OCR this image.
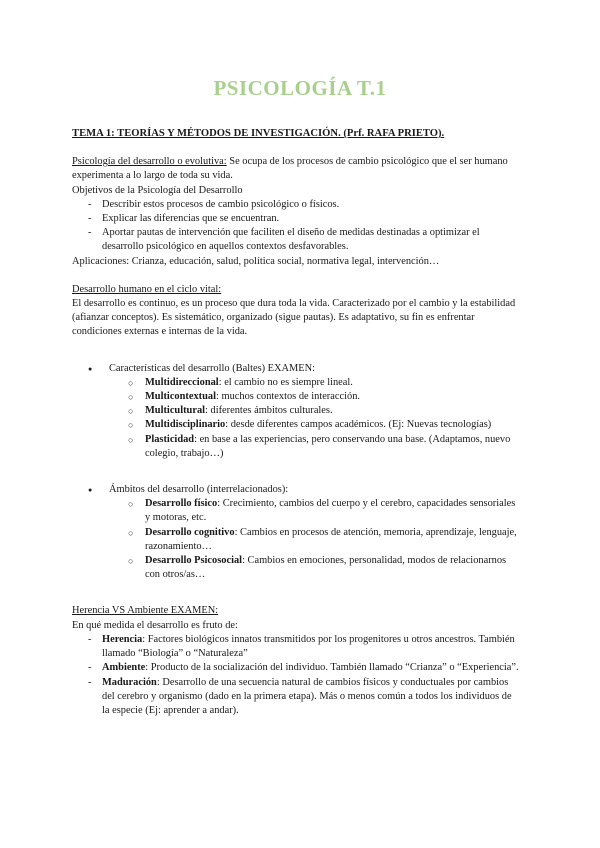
PSICOLOGÍA T.1
TEMA 1: TEORÍAS Y MÉTODOS DE INVESTIGACIÓN. (Prf. RAFA PRIETO).

Psicología del desarrollo o evolutiva: Se ocupa de los procesos de cambio psicológico que el ser humano experimenta a lo largo de toda su vida.

Objetivos de la Psicología del Desarrollo

- Describir estos procesos de cambio psicológico o físicos.
- Explicar las diferencias que se encuentran.
- Aportar pautas de intervención que faciliten el diseño de medidas destinadas a optimizar el desarrollo psicológico en aquellos contextos desfavorables.

Aplicaciones: Crianza, educación, salud, política social, normativa legal, intervención…

Desarrollo humano en el ciclo vital:

El desarrollo es continuo, es un proceso que dura toda la vida. Caracterizado por el cambio y la estabilidad (afianzar conceptos). Es sistemático, organizado (sigue pautas). Es adaptativo, su fin es enfrentar condiciones externas e internas de la vida.

● Características del desarrollo (Baltes) EXAMEN:
○ Multidireccional: el cambio no es siempre lineal.
○ Multicontextual: muchos contextos de interacción.
○ Multicultural: diferentes ámbitos culturales.
○ Multidisciplinario: desde diferentes campos académicos. (Ej: Nuevas tecnologías)
○ Plasticidad: en base a las experiencias, pero conservando una base. (Adaptamos, nuevo colegio, trabajo…)
● Ámbitos del desarrollo (interrelacionados):
○ Desarrollo físico: Crecimiento, cambios del cuerpo y el cerebro, capacidades sensoriales y motoras, etc.
○ Desarrollo cognitivo: Cambios en procesos de atención, memoria, aprendizaje, lenguaje, razonamiento…
○ Desarrollo Psicosocial: Cambios en emociones, personalidad, modos de relacionarnos con otros/as…

Herencia VS Ambiente EXAMEN:

En qué medida el desarrollo es fruto de:

- Herencia: Factores biológicos innatos transmitidos por los progenitores u otros ancestros. También llamado “Biología” o “Naturaleza”
- Ambiente: Producto de la socialización del individuo. También llamado “Crianza” o “Experiencia”.
- Maduración: Desarrollo de una secuencia natural de cambios físicos y conductuales por cambios del cerebro y organismo (dado en la primera etapa). Más o menos común a todos los individuos de la especie (Ej: aprender a andar).
